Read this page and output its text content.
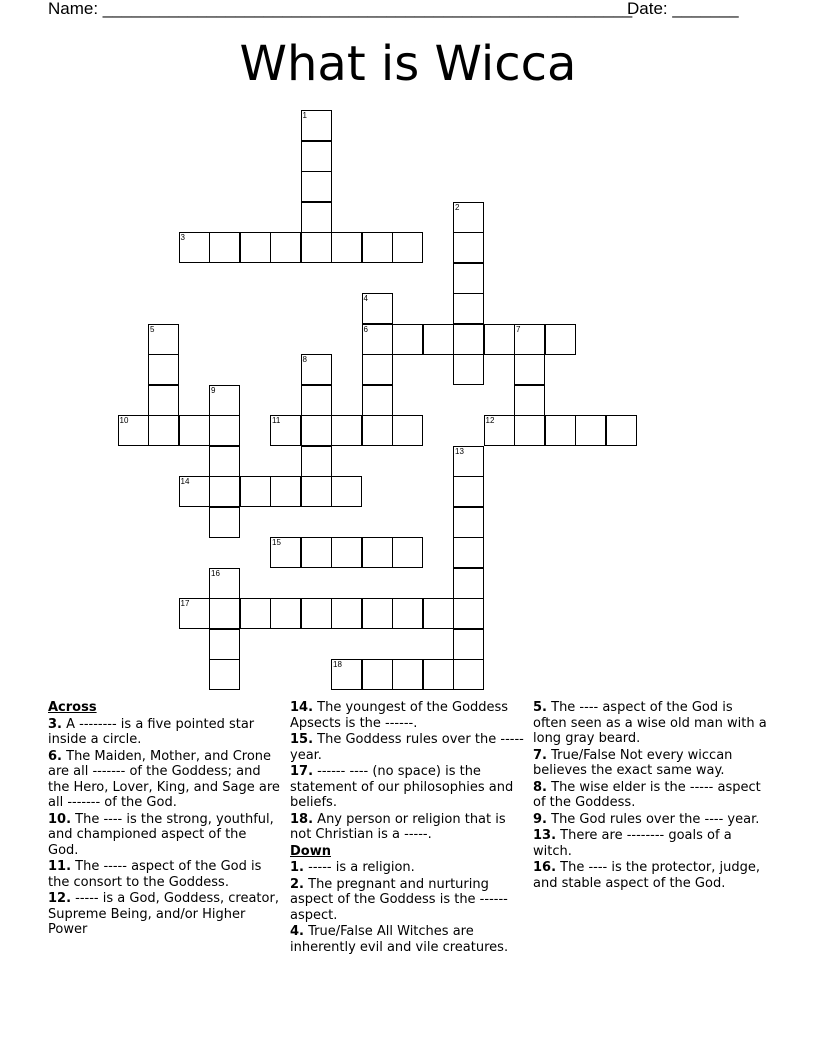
Name: ________________________________________________________
Date: _______
What is Wicca
1
2
3
4
5	6	7
8
9
10	11	12
13
14
15
16
17
18
Across
3. A -------- is a five pointed star inside a circle.
6. The Maiden, Mother, and Crone are all ------- of the Goddess; and the Hero, Lover, King, and Sage are all ------- of the God.
10. The ---- is the strong, youthful, and championed aspect of the God.
11. The ----- aspect of the God is the consort to the Goddess.
12. ----- is a God, Goddess, creator, Supreme Being, and/or Higher Power
14. The youngest of the Goddess Apsects is the ------.
15. The Goddess rules over the ----- year.
17. ------ ---- (no space) is the statement of our philosophies and beliefs.
18. Any person or religion that is not Christian is a -----.
Down
1. ----- is a religion.
2. The pregnant and nurturing aspect of the Goddess is the ------ aspect.
4. True/False All Witches are inherently evil and vile creatures.
5. The ---- aspect of the God is often seen as a wise old man with a long gray beard.
7. True/False Not every wiccan believes the exact same way.
8. The wise elder is the ----- aspect of the Goddess.
9. The God rules over the ---- year.
13. There are -------- goals of a witch.
16. The ---- is the protector, judge, and stable aspect of the God.
